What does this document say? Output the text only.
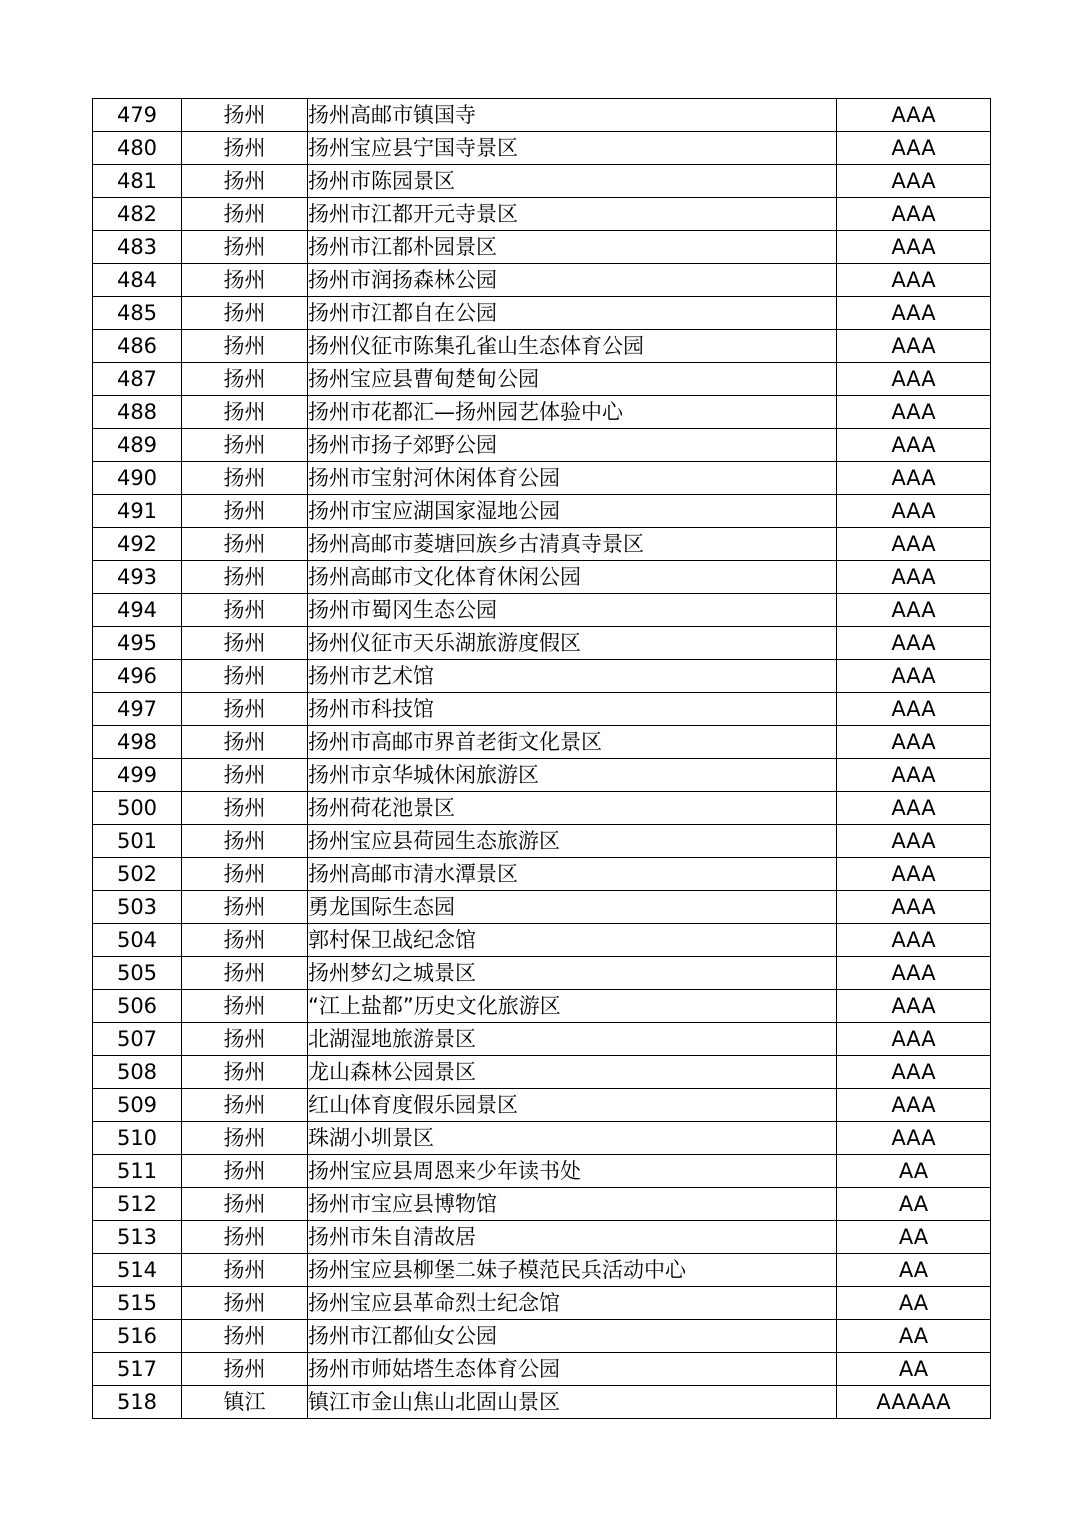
479	扬州	扬州高邮市镇国寺	AAA
480	扬州	扬州宝应县宁国寺景区	AAA
481	扬州	扬州市陈园景区	AAA
482	扬州	扬州市江都开元寺景区	AAA
483	扬州	扬州市江都朴园景区	AAA
484	扬州	扬州市润扬森林公园	AAA
485	扬州	扬州市江都自在公园	AAA
486	扬州	扬州仪征市陈集孔雀山生态体育公园	AAA
487	扬州	扬州宝应县曹甸楚甸公园	AAA
488	扬州	扬州市花都汇—扬州园艺体验中心	AAA
489	扬州	扬州市扬子郊野公园	AAA
490	扬州	扬州市宝射河休闲体育公园	AAA
491	扬州	扬州市宝应湖国家湿地公园	AAA
492	扬州	扬州高邮市菱塘回族乡古清真寺景区	AAA
493	扬州	扬州高邮市文化体育休闲公园	AAA
494	扬州	扬州市蜀冈生态公园	AAA
495	扬州	扬州仪征市天乐湖旅游度假区	AAA
496	扬州	扬州市艺术馆	AAA
497	扬州	扬州市科技馆	AAA
498	扬州	扬州市高邮市界首老街文化景区	AAA
499	扬州	扬州市京华城休闲旅游区	AAA
500	扬州	扬州荷花池景区	AAA
501	扬州	扬州宝应县荷园生态旅游区	AAA
502	扬州	扬州高邮市清水潭景区	AAA
503	扬州	勇龙国际生态园	AAA
504	扬州	郭村保卫战纪念馆	AAA
505	扬州	扬州梦幻之城景区	AAA
506	扬州	“江上盐都”历史文化旅游区	AAA
507	扬州	北湖湿地旅游景区	AAA
508	扬州	龙山森林公园景区	AAA
509	扬州	红山体育度假乐园景区	AAA
510	扬州	珠湖小圳景区	AAA
511	扬州	扬州宝应县周恩来少年读书处	AA
512	扬州	扬州市宝应县博物馆	AA
513	扬州	扬州市朱自清故居	AA
514	扬州	扬州宝应县柳堡二妹子模范民兵活动中心	AA
515	扬州	扬州宝应县革命烈士纪念馆	AA
516	扬州	扬州市江都仙女公园	AA
517	扬州	扬州市师姑塔生态体育公园	AA
518	镇江	镇江市金山焦山北固山景区	AAAAA
